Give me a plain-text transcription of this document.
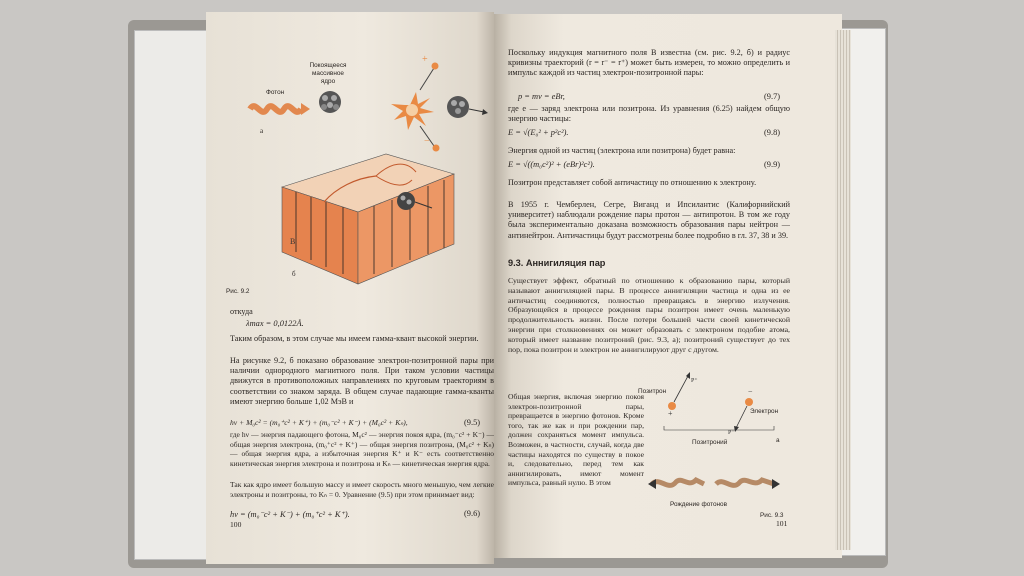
+
−
B
Фотон
Покоящееся массивное ядро
а
б
Рис. 9.2
откуда
λmax = 0,0122Å.
Таким образом, в этом случае мы имеем гамма-квант высокой энергии.
На рисунке 9.2, б показано образование электрон-позитронной пары при наличии однородного магнитного поля. При таком условии частицы движутся в противоположных направлениях по круговым траекториям в соответствии со знаком заряда. В общем случае падающие гамма-кванты имеют энергию больше 1,02 МэВ и
hν + M₀c² = (m₀⁺c² + K⁺) + (m₀⁻c² + K⁻) + (M₀c² + Kₙ),	(9.5)
где hν — энергия падающего фотона, M₀c² — энергия покоя ядра, (m₀⁻c² + K⁻) — общая энергия электрона, (m₀⁺c² + K⁺) — общая энергия позитрона, (M₀c² + Kₙ) — общая энергия ядра, а избыточная энергия K⁺ и K⁻ есть соответственно кинетическая энергия электрона и позитрона и Kₙ — кинетическая энергия ядра.
Так как ядро имеет большую массу и имеет скорость много меньшую, чем легкие электроны и позитроны, то Kₙ = 0. Уравнение (9.5) при этом принимает вид:
hν = (m₀⁻c² + K⁻) + (m₀⁺c² + K⁺).	(9.6)
100
Поскольку индукция магнитного поля B известна (см. рис. 9.2, б) и радиус кривизны траекторий (r = r⁻ = r⁺) может быть измерен, то можно определить и импульс каждой из частиц электрон-позитронной пары:
p = mv = eBr,	(9.7)
где e — заряд электрона или позитрона. Из уравнения (6.25) найдем общую энергию частицы:
E = √(E₀² + p²c²).	(9.8)
Энергия одной из частиц (электрона или позитрона) будет равна:
E = √((m₀c²)² + (eBr)²c²).	(9.9)
Позитрон представляет собой античастицу по отношению к электрону.
В 1955 г. Чемберлен, Сегре, Виганд и Ипсилантис (Калифорнийский университет) наблюдали рождение пары протон — антипротон. В том же году была экспериментально доказана возможность образования пары нейтрон — антинейтрон. Античастицы будут рассмотрены более подробно в гл. 37, 38 и 39.
9.3. Аннигиляция пар
Существует эффект, обратный по отношению к образованию пары, который называют аннигиляцией пары. В процессе аннигиляции частица и одна из ее античастиц соединяются, полностью превращаясь в энергию излучения. Образующейся в процессе рождения пары позитрон имеет очень маленькую продолжительность жизни. После потери большей части своей кинетической энергии при столкновениях он может образовать с электроном подобие атома, который имеет название позитроний (рис. 9.3, а); позитроний существует до тех пор, пока позитрон и электрон не аннигилируют друг с другом.
Общая энергия, включая энергию покоя электрон-позитронной пары, превращается в энергию фотонов. Кроме того, так же как и при рождении пар, должен сохраняться момент импульса. Возможен, в частности, случай, когда две частицы находятся по существу в покое и, следовательно, перед тем как аннигилировать, имеют момент импульса, равный нулю. В этом
+
P⁺
−
P⁻
Позитрон
Электрон
Позитроний	а
Рождение фотонов
Рис. 9.3
101
